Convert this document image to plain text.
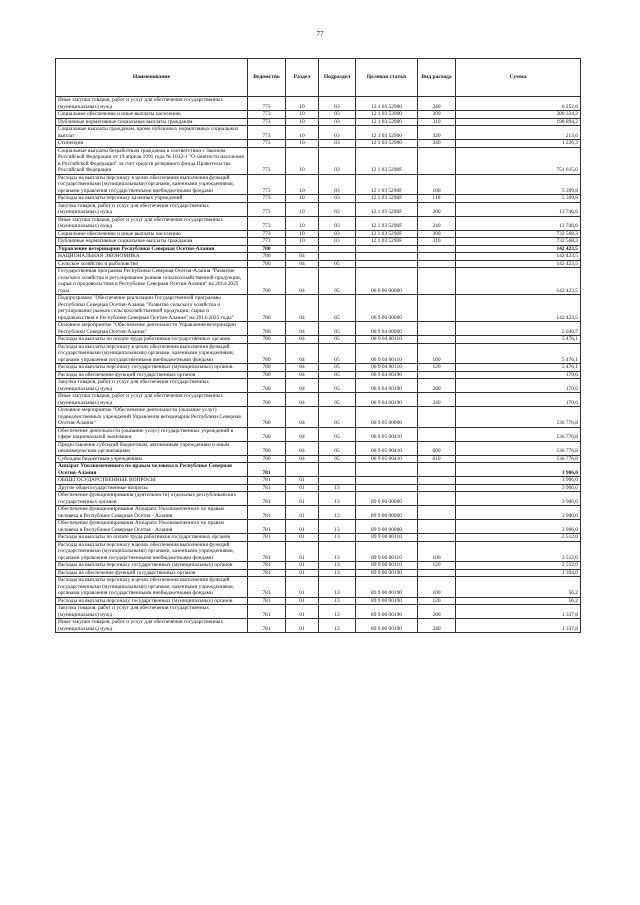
77
Наименование	Ведомство	Раздел	Подраздел	Целевая статья	Вид расхода	Сумма
Иные закупки товаров, работ и услуг для обеспечения государственных (муниципальных) нужд	773	10	03	12 1 03 52900	240	6 252,6
Социальное обеспечение и иные выплаты населению	773	10	03	12 1 03 52900	300	200 334,2
Публичные нормативные социальные выплаты гражданам	773	10	03	12 1 03 52900	310	198 894,2
Социальные выплаты гражданам, кроме публичных нормативных социальных выплат	773	10	03	12 1 03 52900	320	213,6
Стипендии	773	10	03	12 1 03 52900	340	1 226,3
Социальные выплаты безработным гражданам в соответствии с Законом Российской Федерации от 19 апреля 1991 года № 1032-1 "О занятости населения в Российской Федерации" за счет средств резервного фонда Правительства Российской Федерации	773	10	03	12 1 03 5290F		751 615,0
Расходы на выплаты персоналу в целях обеспечения выполнения функций государственными (муниципальными) органами, казенными учреждениями, органами управления государственными внебюджетными фондами	773	10	03	12 1 03 5290F	100	5 309,8
Расходы на выплаты персоналу казенных учреждений	773	10	03	12 1 03 5290F	110	5 309,8
Закупка товаров, работ и услуг для обеспечения государственных (муниципальных) нужд	773	10	03	12 1 03 5290F	200	13 746,6
Иные закупки товаров, работ и услуг для обеспечения государственных (муниципальных) нужд	773	10	03	12 1 03 5290F	240	13 746,6
Социальное обеспечение и иные выплаты населению	773	10	03	12 1 03 5290F	300	732 568,3
Публичные нормативные социальные выплаты гражданам	773	10	03	12 1 03 5290F	310	732 568,3
Управление ветеринарии Республики Северная Осетия-Алания	780					142 423,5
НАЦИОНАЛЬНАЯ ЭКОНОМИКА	780	04				142 423,5
Сельское хозяйство и рыболовство	780	04	05			142 423,5
Государственная программа Республики Северная Осетия-Алания "Развитие сельского хозяйства и регулирование рынков сельскохозяйственной продукции, сырья и продовольствия в Республике Северная Осетия-Алания" на 2014-2025 годы	780	04	05	06 0 00 00000		142 423,5
Подпрограмма "Обеспечение реализации Государственной программы Республики Северная Осетия-Алания "Развитие сельского хозяйства и регулирование рынков сельскохозяйственной продукции, сырья и продовольствия в Республике Северная Осетия-Алания" на 2014-2025 годы"	780	04	05	06 9 00 00000		142 423,5
Основное мероприятие "Обеспечение деятельности Управления ветеринарии Республики Северная Осетия-Алания"	780	04	05	06 9 04 00000		5 646,7
Расходы на выплаты по оплате труда работников государственных органов	780	04	05	06 9 04 00110		5 476,1
Расходы на выплаты персоналу в целях обеспечения выполнения функций государственными (муниципальными) органами, казенными учреждениями, органами управления государственными внебюджетными фондами	780	04	05	06 9 04 00110	100	5 476,1
Расходы на выплаты персоналу государственных (муниципальных) органов	780	04	05	06 9 04 00110	120	5 476,1
Расходы на обеспечение функций государственных органов	780	04	05	06 9 04 00190		170,6
Закупка товаров, работ и услуг для обеспечения государственных (муниципальных) нужд	780	04	05	06 9 04 00190	200	170,6
Иные закупки товаров, работ и услуг для обеспечения государственных (муниципальных) нужд	780	04	05	06 9 04 00190	240	170,6
Основное мероприятие "Обеспечение деятельности (оказание услуг) подведомственных учреждений Управления ветеринарии Республики Северная Осетия-Алания"	780	04	05	06 9 05 00000		136 776,8
Обеспечение деятельности (оказание услуг) государственных учреждений в сфере национальной экономики	780	04	05	06 9 05 00410		136 776,8
Предоставление субсидий бюджетным, автономным учреждениям и иным некоммерческим организациям	780	04	05	06 9 05 00410	600	136 776,8
Субсидии бюджетным учреждениям	780	04	05	06 9 05 00410	610	136 776,8
Аппарат Уполномоченного по правам человека в Республике Северная Осетия-Алания	781					3 906,0
ОБЩЕГОСУДАРСТВЕННЫЕ ВОПРОСЫ	781	01				3 906,0
Другие общегосударственные вопросы	781	01	13			3 906,0
Обеспечение функционирования (деятельности) отдельных республиканских государственных органов	781	01	13	89 0 00 00000		3 906,0
Обеспечение функционирования Аппарата Уполномоченного по правам человека в Республике Северная Осетия - Алания	781	01	13	89 9 00 00000		3 906,0
Обеспечение функционирования Аппарата Уполномоченного по правам человека в Республике Северная Осетия - Алания	781	01	13	89 9 00 00000		3 906,0
Расходы на выплаты по оплате труда работников государственных органов	781	01	13	89 9 00 00110		2 512,0
Расходы на выплаты персоналу в целях обеспечения выполнения функций государственными (муниципальными) органами, казенными учреждениями, органами управления государственными внебюджетными фондами	781	01	13	89 9 00 00110	100	2 512,0
Расходы на выплаты персоналу государственных (муниципальных) органов	781	01	13	89 9 00 00110	120	2 512,0
Расходы на обеспечение функций государственных органов	781	01	13	89 9 00 00190		1 394,0
Расходы на выплаты персоналу в целях обеспечения выполнения функций государственными (муниципальными) органами, казенными учреждениями, органами управления государственными внебюджетными фондами	781	01	13	89 9 00 00190	100	56,2
Расходы на выплаты персоналу государственных (муниципальных) органов	781	01	13	89 9 00 00190	120	56,2
Закупка товаров, работ и услуг для обеспечения государственных (муниципальных) нужд	781	01	13	89 9 00 00190	200	1 337,8
Иные закупки товаров, работ и услуг для обеспечения государственных (муниципальных) нужд	781	01	13	89 9 00 00190	240	1 337,8
